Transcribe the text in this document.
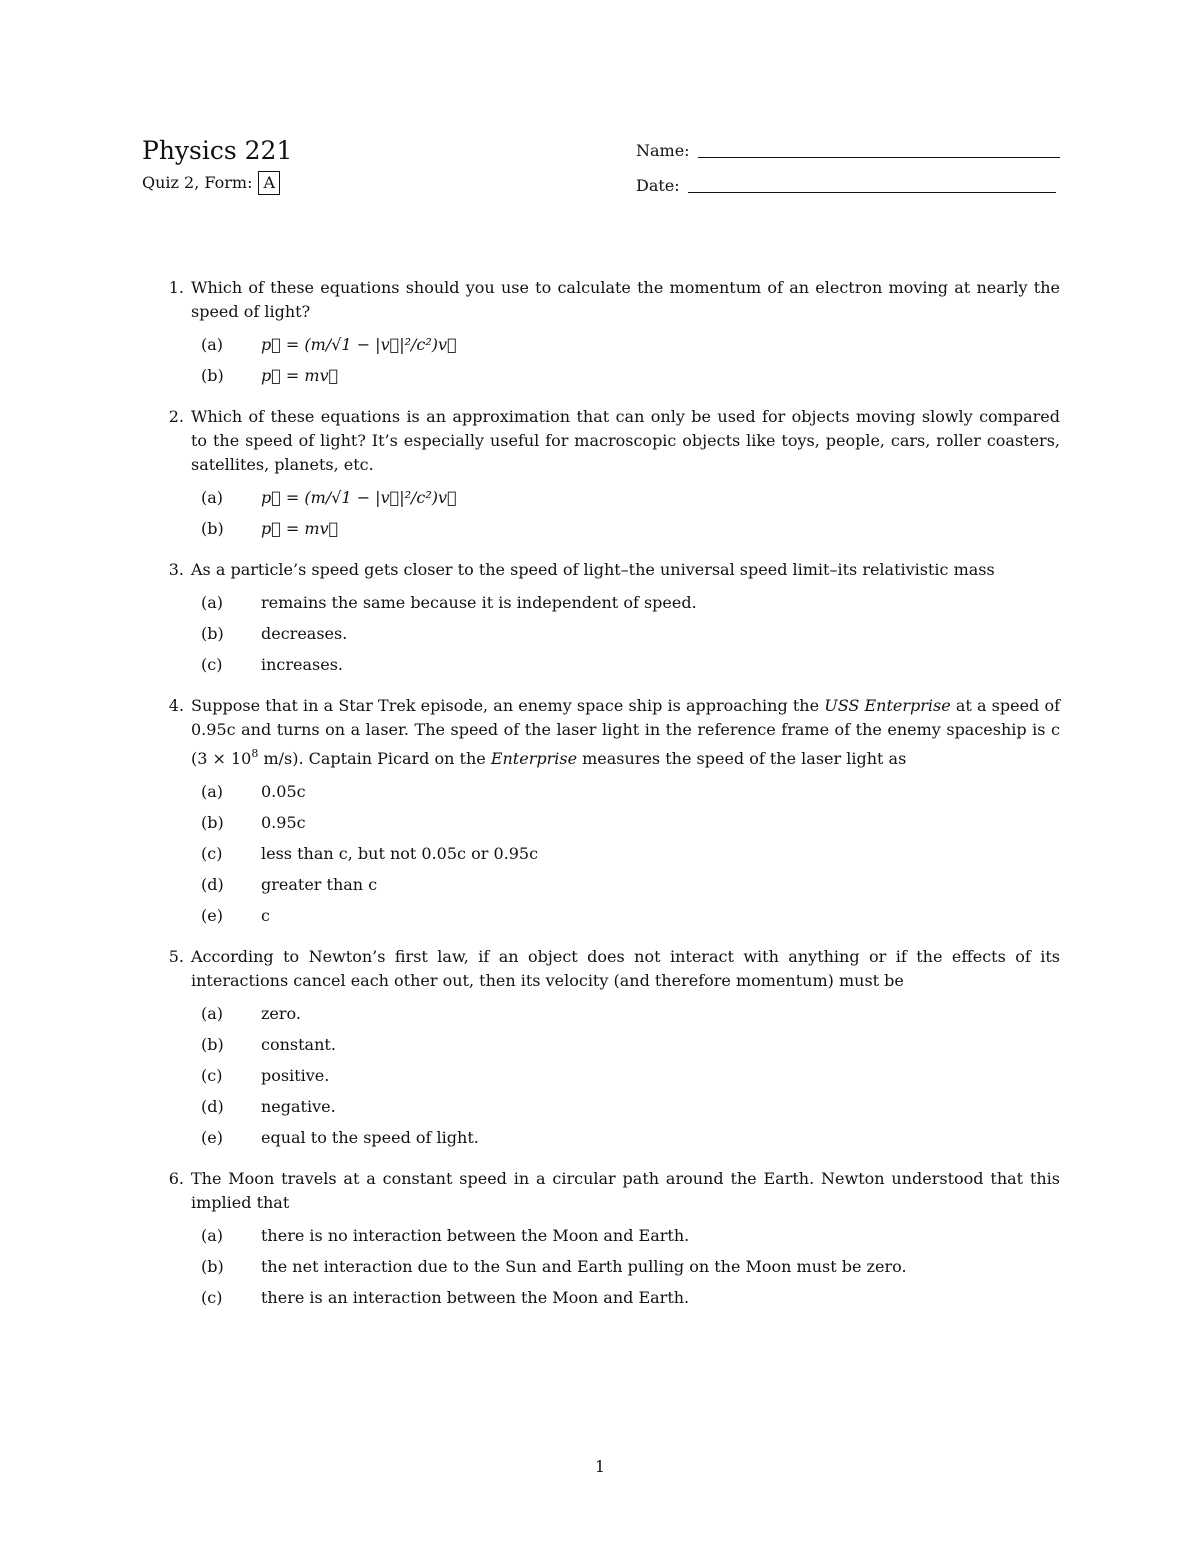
Physics 221
Quiz 2, Form: A
Name:
Date:
1. Which of these equations should you use to calculate the momentum of an electron moving at nearly the speed of light?
(a) p⃗ = (m/√1 − |v⃗|²/c²)v⃗
(b) p⃗ = mv⃗
2. Which of these equations is an approximation that can only be used for objects moving slowly compared to the speed of light? It’s especially useful for macroscopic objects like toys, people, cars, roller coasters, satellites, planets, etc.
(a) p⃗ = (m/√1 − |v⃗|²/c²)v⃗
(b) p⃗ = mv⃗
3. As a particle’s speed gets closer to the speed of light–the universal speed limit–its relativistic mass
(a) remains the same because it is independent of speed.
(b) decreases.
(c) increases.
4. Suppose that in a Star Trek episode, an enemy space ship is approaching the USS Enterprise at a speed of 0.95c and turns on a laser. The speed of the laser light in the reference frame of the enemy spaceship is c ($3 \times 10^8$ m/s). Captain Picard on the Enterprise measures the speed of the laser light as
(a) 0.05c
(b) 0.95c
(c) less than c, but not 0.05c or 0.95c
(d) greater than c
(e) c
5. According to Newton’s first law, if an object does not interact with anything or if the effects of its interactions cancel each other out, then its velocity (and therefore momentum) must be
(a) zero.
(b) constant.
(c) positive.
(d) negative.
(e) equal to the speed of light.
6. The Moon travels at a constant speed in a circular path around the Earth. Newton understood that this implied that
(a) there is no interaction between the Moon and Earth.
(b) the net interaction due to the Sun and Earth pulling on the Moon must be zero.
(c) there is an interaction between the Moon and Earth.
1
